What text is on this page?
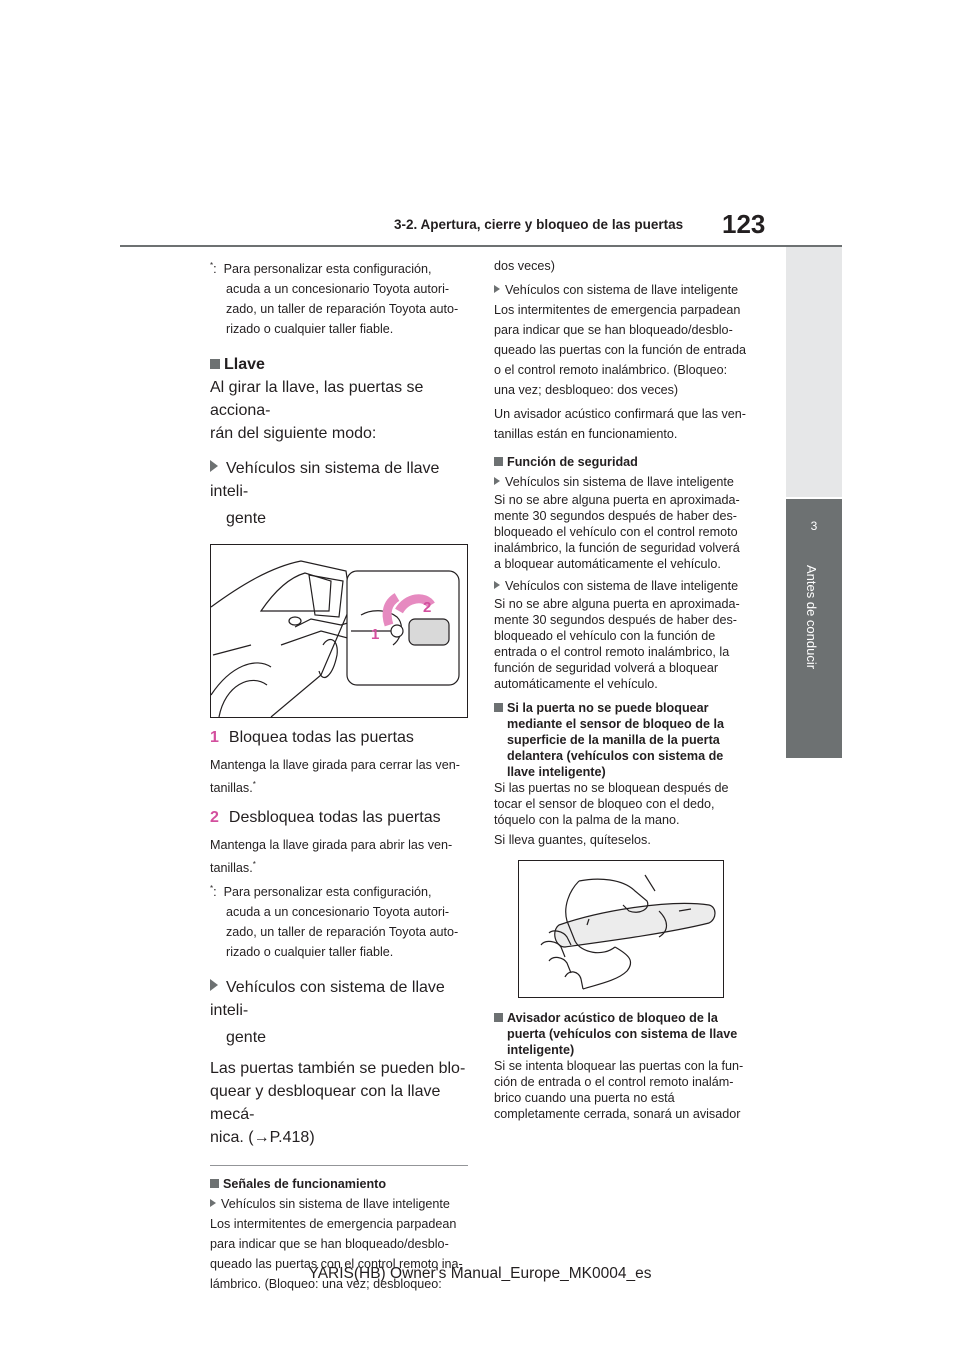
3-2. Apertura, cierre y bloqueo de las puertas 123
3
Antes de conducir

*: Para personalizar esta configuración,

acuda a un concesionario Toyota autori-

zado, un taller de reparación Toyota auto-

rizado o cualquier taller fiable.

Llave

Al girar la llave, las puertas se acciona-

rán del siguiente modo:

Vehículos sin sistema de llave inteli-

gente

2
1

1 Bloquea todas las puertas

Mantenga la llave girada para cerrar las ven-

tanillas.*

2 Desbloquea todas las puertas

Mantenga la llave girada para abrir las ven-

tanillas.*

*: Para personalizar esta configuración,

acuda a un concesionario Toyota autori-

zado, un taller de reparación Toyota auto-

rizado o cualquier taller fiable.

Vehículos con sistema de llave inteli-

gente

Las puertas también se pueden blo-

quear y desbloquear con la llave mecá-

nica. (→P.418)

Señales de funcionamiento

Vehículos sin sistema de llave inteligente

Los intermitentes de emergencia parpadean

para indicar que se han bloqueado/desblo-

queado las puertas con el control remoto ina-

lámbrico. (Bloqueo: una vez; desbloqueo:

dos veces)

Vehículos con sistema de llave inteligente

Los intermitentes de emergencia parpadean

para indicar que se han bloqueado/desblo-

queado las puertas con la función de entrada

o el control remoto inalámbrico. (Bloqueo:

una vez; desbloqueo: dos veces)

Un avisador acústico confirmará que las ven-

tanillas están en funcionamiento.

Función de seguridad

Vehículos sin sistema de llave inteligente

Si no se abre alguna puerta en aproximada-

mente 30 segundos después de haber des-

bloqueado el vehículo con el control remoto

inalámbrico, la función de seguridad volverá

a bloquear automáticamente el vehículo.

Vehículos con sistema de llave inteligente

Si no se abre alguna puerta en aproximada-

mente 30 segundos después de haber des-

bloqueado el vehículo con la función de

entrada o el control remoto inalámbrico, la

función de seguridad volverá a bloquear

automáticamente el vehículo.

Si la puerta no se puede bloquear

mediante el sensor de bloqueo de la

superficie de la manilla de la puerta

delantera (vehículos con sistema de

llave inteligente)

Si las puertas no se bloquean después de

tocar el sensor de bloqueo con el dedo,

tóquelo con la palma de la mano.

Si lleva guantes, quíteselos.

Avisador acústico de bloqueo de la

puerta (vehículos con sistema de llave

inteligente)

Si se intenta bloquear las puertas con la fun-

ción de entrada o el control remoto inalám-

brico cuando una puerta no está

completamente cerrada, sonará un avisador

YARIS(HB) Owner's Manual_Europe_MK0004_es
